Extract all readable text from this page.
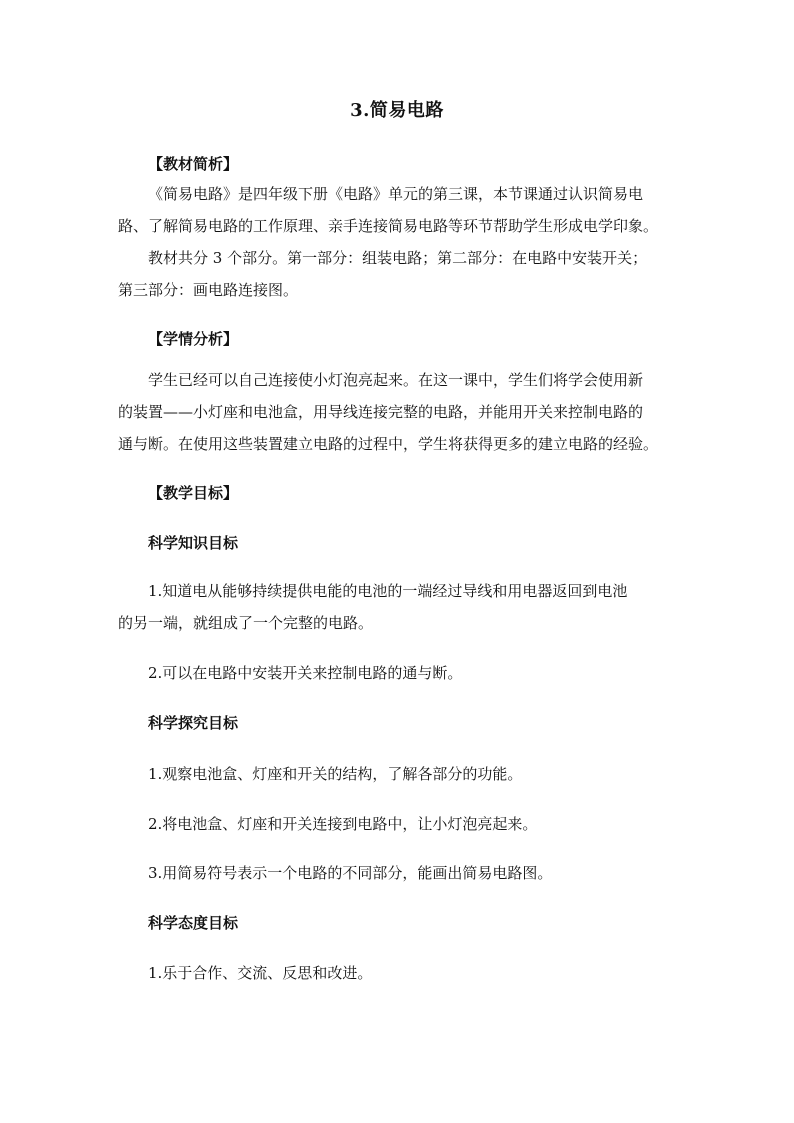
3.简易电路
【教材简析】
《简易电路》是四年级下册《电路》单元的第三课，本节课通过认识简易电
路、了解简易电路的工作原理、亲手连接简易电路等环节帮助学生形成电学印象。
教材共分 3 个部分。第一部分：组装电路；第二部分：在电路中安装开关；
第三部分：画电路连接图。
【学情分析】
学生已经可以自己连接使小灯泡亮起来。在这一课中，学生们将学会使用新
的装置——小灯座和电池盒，用导线连接完整的电路，并能用开关来控制电路的
通与断。在使用这些装置建立电路的过程中，学生将获得更多的建立电路的经验。
【教学目标】
科学知识目标
1.知道电从能够持续提供电能的电池的一端经过导线和用电器返回到电池
的另一端，就组成了一个完整的电路。
2.可以在电路中安装开关来控制电路的通与断。
科学探究目标
1.观察电池盒、灯座和开关的结构，了解各部分的功能。
2.将电池盒、灯座和开关连接到电路中，让小灯泡亮起来。
3.用简易符号表示一个电路的不同部分，能画出简易电路图。
科学态度目标
1.乐于合作、交流、反思和改进。
